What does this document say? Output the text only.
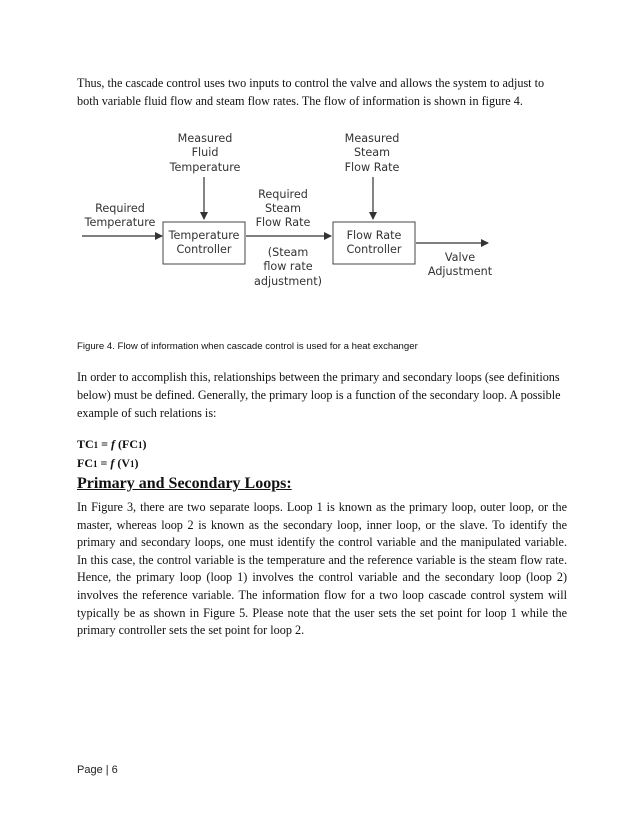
Thus, the cascade control uses two inputs to control the valve and allows the system to adjust to both variable fluid flow and steam flow rates. The flow of information is shown in figure 4.
Required
Temperature
Measured
Fluid
Temperature
Temperature
Controller
Required
Steam
Flow Rate
(Steam
flow rate
adjustment)
Measured
Steam
Flow Rate
Flow Rate
Controller
Valve
Adjustment
Figure 4. Flow of information when cascade control is used for a heat exchanger
In order to accomplish this, relationships between the primary and secondary loops (see definitions below) must be defined. Generally, the primary loop is a function of the secondary loop. A possible example of such relations is:
TC1 = f (FC1)
FC1 = f (V1)
Primary and Secondary Loops:
In Figure 3, there are two separate loops. Loop 1 is known as the primary loop, outer loop, or the master, whereas loop 2 is known as the secondary loop, inner loop, or the slave. To identify the primary and secondary loops, one must identify the control variable and the manipulated variable. In this case, the control variable is the temperature and the reference variable is the steam flow rate. Hence, the primary loop (loop 1) involves the control variable and the secondary loop (loop 2) involves the reference variable. The information flow for a two loop cascade control system will typically be as shown in Figure 5. Please note that the user sets the set point for loop 1 while the primary controller sets the set point for loop 2.
Page | 6
